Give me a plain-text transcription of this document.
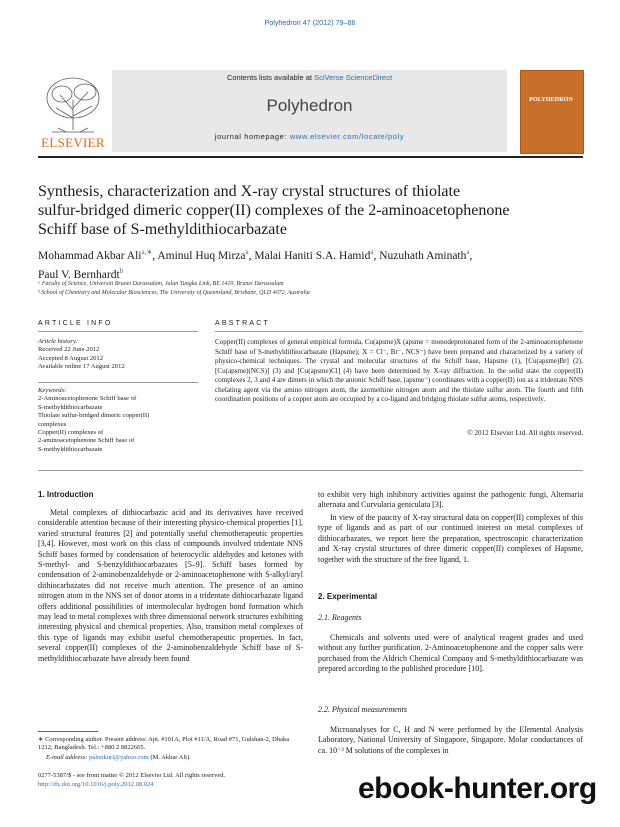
Polyhedron 47 (2012) 79–86
ELSEVIER
Contents lists available at SciVerse ScienceDirect
Polyhedron
journal homepage: www.elsevier.com/locate/poly
POLYHEDRON
Synthesis, characterization and X-ray crystal structures of thiolate
sulfur-bridged dimeric copper(II) complexes of the 2-aminoacetophenone
Schiff base of S-methyldithiocarbazate
Mohammad Akbar Ali$^{a,∗}$, Aminul Huq Mirza$^a$, Malai Haniti S.A. Hamid$^a$, Nuzuhath Aminath$^a$,
Paul V. Bernhardt$^b$
ᵃ Faculty of Science, Universiti Brunei Darussalam, Jalan Tungku Link, BE 1410, Brunei Darussalam
ᵇ School of Chemistry and Molecular Biosciences, The University of Queensland, Brisbane, QLD 4072, Australia
ARTICLE INFO
Article history:
Received 22 June 2012
Accepted 8 August 2012
Available online 17 August 2012
Keywords:
2-Aminoacetophenone Schiff base of
S-methyldithiocarbazate
Thiolate sulfur-bridged dimeric copper(II)
complexes
Copper(II) complexes of
2-aminoacetophenone Schiff base of
S-methyldithiocarbazate
ABSTRACT
Copper(II) complexes of general empirical formula, Cu(apsme)X (apsme = monodeprotonated form of the 2-aminoacetophenone Schiff base of S-methyldithiocarbazate (Hapsme); X = Cl⁻, Br⁻, NCS⁻) have been prepared and characterized by a variety of physico-chemical techniques. The crystal and molecular structures of the Schiff base, Hapsme (1), [Cu(apsme)Br] (2), [Cu(apsme)(NCS)] (3) and [Cu(apsme)Cl] (4) have been determined by X-ray diffraction. In the solid state the copper(II) complexes 2, 3 and 4 are dimers in which the anionic Schiff base, (apsme⁻) coordinates with a copper(II) ion as a tridentate NNS chelating agent via the amino nitrogen atom, the azomethine nitrogen atom and the thiolate sulfur atom. The fourth and fifth coordination positions of a copper atom are occupied by a co-ligand and bridging thiolate sulfur atoms, respectively.
© 2012 Elsevier Ltd. All rights reserved.
1. Introduction
Metal complexes of dithiocarbazic acid and its derivatives have received considerable attention because of their interesting physico-chemical properties [1], varied structural features [2] and potentially useful chemotherapeutic properties [3,4]. However, most work on this class of compounds involved tridentate NNS Schiff bases formed by condensation of heterocyclic aldehydes and ketones with S-methyl- and S-benzyldithiocarbazates [5–9]. Schiff bases formed by condensation of 2-aminobenzaldehyde or 2-aminoacetophenone with S-alkyl/aryl dithiocarbazates did not receive much attention. The presence of an amino nitrogen atom in the NNS set of donor atoms in a tridentate dithiocarbazate ligand offers additional possibilities of intermolecular hydrogen bond formation which may lead to metal complexes with three dimensional network structures exhibiting interesting physical and chemical properties. Also, transition metal complexes of this type of ligands may exhibit useful chemotherapeutic properties. In fact, several copper(II) complexes of the 2-aminobenzaldehyde Schiff base of S-methyldithiocarbazate have already been found
to exhibit very high inhibitory activities against the pathogenic fungi, Alternaria alternata and Curvularia geniculata [3].
In view of the paucity of X-ray structural data on copper(II) complexes of this type of ligands and as part of our continued interest on metal complexes of dithiocarbazates, we report here the preparation, spectroscopic characterization and X-ray crystal structures of three dimeric copper(II) complexes of Hapsme, together with the structure of the free ligand, 1.
2. Experimental
2.1. Reagents
Chemicals and solvents used were of analytical reagent grades and used without any further purification. 2-Aminoacetophenone and the copper salts were purchased from the Aldrich Chemical Company and S-methyldithiocarbazate was prepared according to the published procedure [10].
2.2. Physical measurements
Microanalyses for C, H and N were performed by the Elemental Analysis Laboratory, National University of Singapore, Singapore. Molar conductances of ca. 10⁻³ M solutions of the complexes in
∗ Corresponding author. Present address: Apt. #101A, Plot #11/A, Road #71, Gulshan-2, Dhaka 1212, Bangladesh. Tel.: +880 2 8822665.
E-mail address: palonkuri@yahoo.com (M. Akbar Ali).
0277-5387/$ - see front matter © 2012 Elsevier Ltd. All rights reserved.
http://dx.doi.org/10.1016/j.poly.2012.08.024	ebook-hunter.org
